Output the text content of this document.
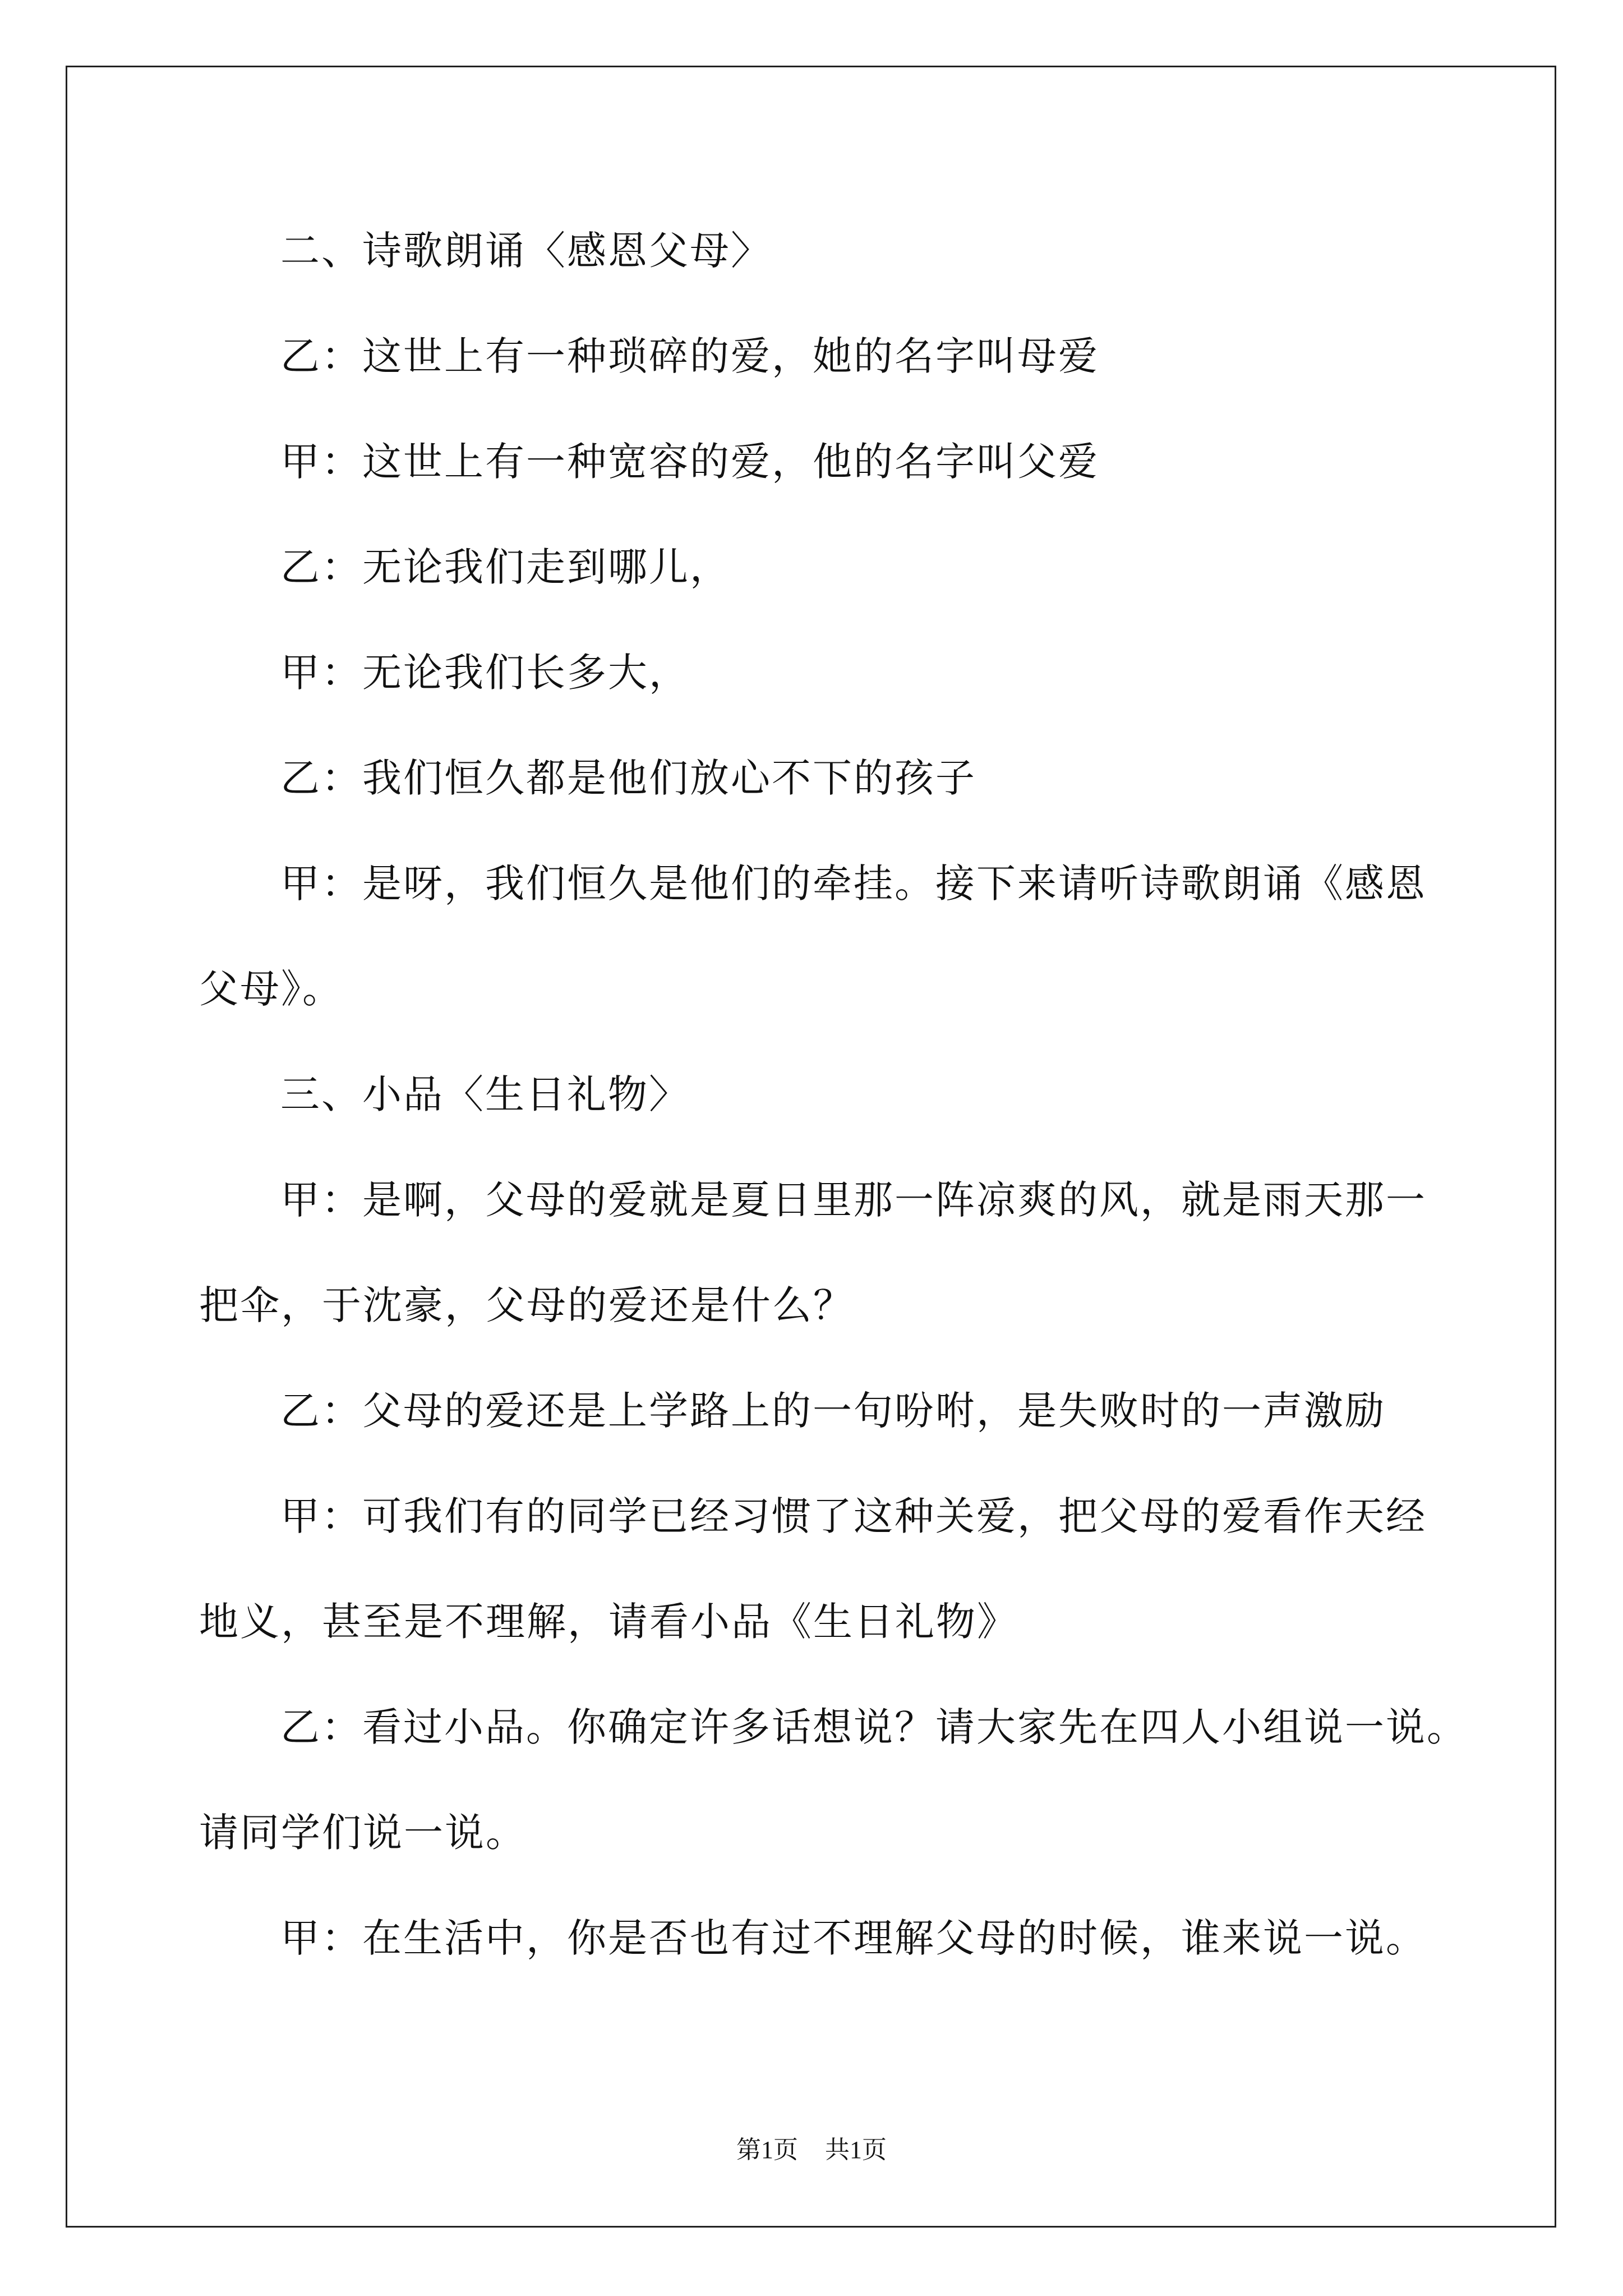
二、诗歌朗诵〈感恩父母〉
乙：这世上有一种琐碎的爱，她的名字叫母爱
甲：这世上有一种宽容的爱，他的名字叫父爱
乙：无论我们走到哪儿，
甲：无论我们长多大，
乙：我们恒久都是他们放心不下的孩子
甲：是呀，我们恒久是他们的牵挂。接下来请听诗歌朗诵《感恩
父母》。
三、小品〈生日礼物〉
甲：是啊，父母的爱就是夏日里那一阵凉爽的风，就是雨天那一
把伞，于沈豪，父母的爱还是什么？
乙：父母的爱还是上学路上的一句吩咐，是失败时的一声激励
甲：可我们有的同学已经习惯了这种关爱，把父母的爱看作天经
地义，甚至是不理解，请看小品《生日礼物》
乙：看过小品。你确定许多话想说？请大家先在四人小组说一说。
请同学们说一说。
甲：在生活中，你是否也有过不理解父母的时候，谁来说一说。
第1页 共1页
